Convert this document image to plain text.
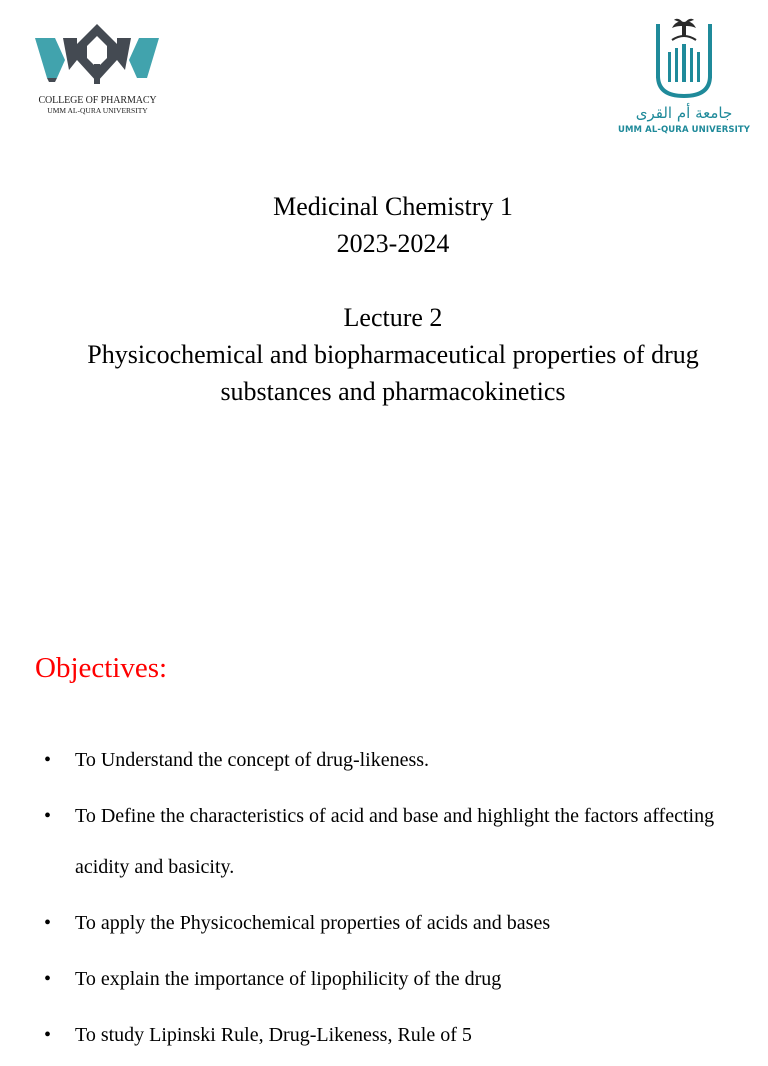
COLLEGE OF PHARMACY
UMM AL-QURA UNIVERSITY	جامعة أم القرى
UMM AL-QURA UNIVERSITY
Medicinal Chemistry 1
2023-2024
Lecture 2
Physicochemical and biopharmaceutical properties of drug substances and pharmacokinetics
Objectives:
• To Understand the concept of drug-likeness.
• To Define the characteristics of acid and base and highlight the factors affecting acidity and basicity.
• To apply the Physicochemical properties of acids and bases
• To explain the importance of lipophilicity of the drug
• To study Lipinski Rule, Drug-Likeness, Rule of 5
